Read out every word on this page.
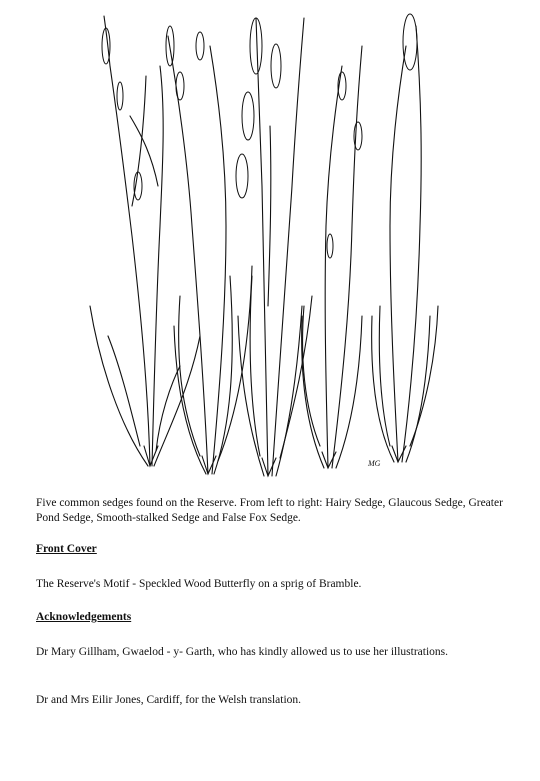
MG
Five common sedges found on the Reserve. From left to right: Hairy Sedge, Glaucous Sedge, Greater Pond Sedge, Smooth-stalked Sedge and False Fox Sedge.
Front Cover
The Reserve's Motif - Speckled Wood Butterfly on a sprig of Bramble.
Acknowledgements
Dr Mary Gillham, Gwaelod - y- Garth, who has kindly allowed us to use her illustrations.
Dr and Mrs Eilir Jones, Cardiff, for the Welsh translation.
